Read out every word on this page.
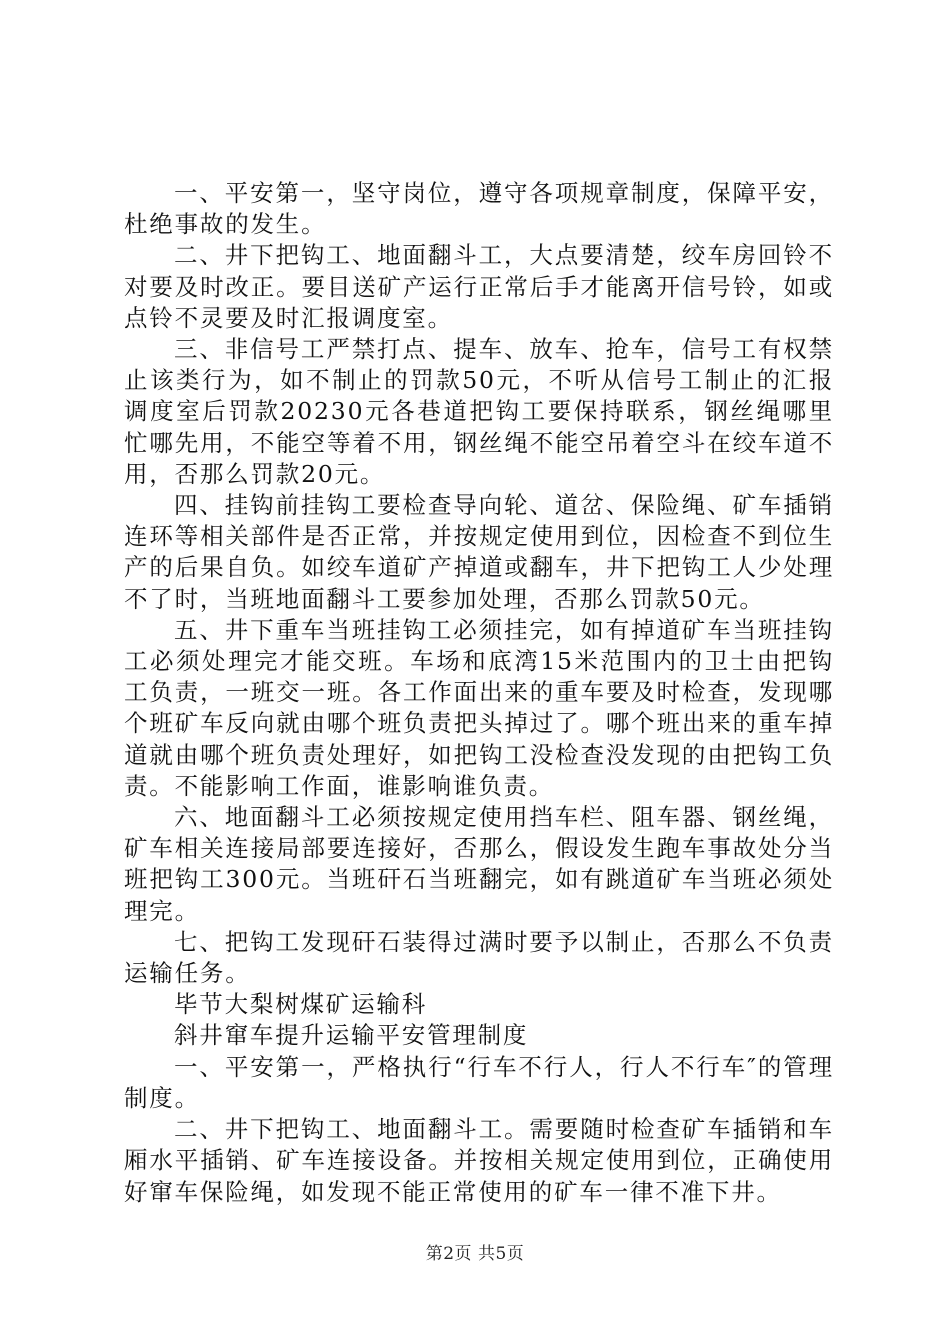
一、平安第一，坚守岗位，遵守各项规章制度，保障平安，杜绝事故的发生。

二、井下把钩工、地面翻斗工，大点要清楚，绞车房回铃不对要及时改正。要目送矿产运行正常后手才能离开信号铃，如或点铃不灵要及时汇报调度室。

三、非信号工严禁打点、提车、放车、抢车，信号工有权禁止该类行为，如不制止的罚款50元，不听从信号工制止的汇报调度室后罚款20230元各巷道把钩工要保持联系，钢丝绳哪里忙哪先用，不能空等着不用，钢丝绳不能空吊着空斗在绞车道不用，否那么罚款20元。

四、挂钩前挂钩工要检查导向轮、道岔、保险绳、矿车插销连环等相关部件是否正常，并按规定使用到位，因检查不到位生产的后果自负。如绞车道矿产掉道或翻车，井下把钩工人少处理不了时，当班地面翻斗工要参加处理，否那么罚款50元。

五、井下重车当班挂钩工必须挂完，如有掉道矿车当班挂钩工必须处理完才能交班。车场和底湾15米范围内的卫士由把钩工负责，一班交一班。各工作面出来的重车要及时检查，发现哪个班矿车反向就由哪个班负责把头掉过了。哪个班出来的重车掉道就由哪个班负责处理好，如把钩工没检查没发现的由把钩工负责。不能影响工作面，谁影响谁负责。

六、地面翻斗工必须按规定使用挡车栏、阻车器、钢丝绳，矿车相关连接局部要连接好，否那么，假设发生跑车事故处分当班把钩工300元。当班矸石当班翻完，如有跳道矿车当班必须处理完。

七、把钩工发现矸石装得过满时要予以制止，否那么不负责运输任务。

毕节大梨树煤矿运输科

斜井窜车提升运输平安管理制度

一、平安第一，严格执行“行车不行人，行人不行车″的管理制度。

二、井下把钩工、地面翻斗工。需要随时检查矿车插销和车厢水平插销、矿车连接设备。并按相关规定使用到位，正确使用好窜车保险绳，如发现不能正常使用的矿车一律不准下井。

第2页 共5页
